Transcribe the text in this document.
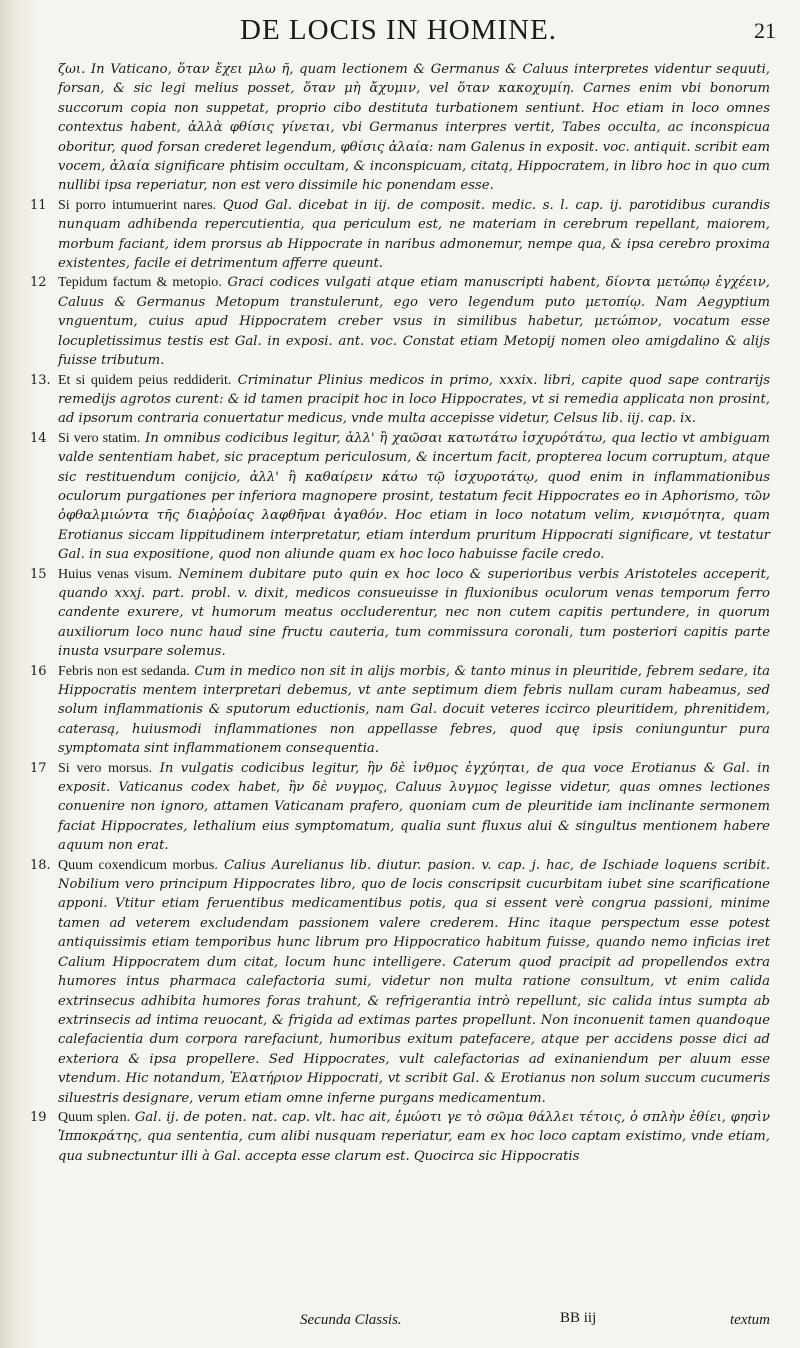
DE LOCIS IN HOMINE.	21

ζωι. In Vaticano, ὅταν ἔχει μλω ῆ, quam lectionem & Germanus & Caluus interpretes videntur sequuti, forsan, & sic legi melius posset, ὅταν μὴ ἄχυμιν, vel ὅταν κακοχυμίη. Carnes enim vbi bonorum succorum copia non suppetat, proprio cibo destituta turbationem sentiunt. Hoc etiam in loco omnes contextus habent, ἀλλὰ φθίσις γίνεται, vbi Germanus interpres vertit, Tabes occulta, ac inconspicua oboritur, quod forsan crederet legendum, φθίσις ἀλαία: nam Galenus in exposit. voc. antiquit. scribit eam vocem, ἀλαία significare phtisim occultam, & inconspicuam, citatą, Hippocratem, in libro hoc in quo cum nullibi ipsa reperiatur, non est vero dissimile hic ponendam esse.

11 Si porro intumuerint nares. Quod Gal. dicebat in iij. de composit. medic. s. l. cap. ij. parotidibus curandis nunquam adhibenda repercutientia, qua periculum est, ne materiam in cerebrum repellant, maiorem, morbum faciant, idem prorsus ab Hippocrate in naribus admonemur, nempe qua, & ipsa cerebro proxima existentes, facile ei detrimentum afferre queunt.

12 Tepidum factum & metopio. Graci codices vulgati atque etiam manuscripti habent, δίοντα μετώπῳ ἐγχέειν, Caluus & Germanus Metopum transtulerunt, ego vero legendum puto μετοπίῳ. Nam Aegyptium vnguentum, cuius apud Hippocratem creber vsus in similibus habetur, μετώπιον, vocatum esse locupletissimus testis est Gal. in exposi. ant. voc. Constat etiam Metopij nomen oleo amigdalino & alijs fuisse tributum.

13. Et si quidem peius reddiderit. Criminatur Plinius medicos in primo, xxxix. libri, capite quod sape contrarijs remedijs agrotos curent: & id tamen pracipit hoc in loco Hippocrates, vt si remedia applicata non prosint, ad ipsorum contraria conuertatur medicus, vnde multa accepisse videtur, Celsus lib. iij. cap. ix.

14 Si vero statim. In omnibus codicibus legitur, ἀλλ' ἢ χαῶσαι κατωτάτω ἰσχυρότάτω, qua lectio vt ambiguam valde sententiam habet, sic praceptum periculosum, & incertum facit, propterea locum corruptum, atque sic restituendum conijcio, ἀλλ' ἢ καθαίρειν κάτω τῷ ἰσχυροτάτῳ, quod enim in inflammationibus oculorum purgationes per inferiora magnopere prosint, testatum fecit Hippocrates eo in Aphorismo, τῶν ὀφθαλμιώντα τῆς διαῤῥοίας λαφθῆναι ἀγαθόν. Hoc etiam in loco notatum velim, κνισμότητα, quam Erotianus siccam lippitudinem interpretatur, etiam interdum pruritum Hippocrati significare, vt testatur Gal. in sua expositione, quod non aliunde quam ex hoc loco habuisse facile credo.

15 Huius venas visum. Neminem dubitare puto quin ex hoc loco & superioribus verbis Aristoteles acceperit, quando xxxj. part. probl. v. dixit, medicos consueuisse in fluxionibus oculorum venas temporum ferro candente exurere, vt humorum meatus occluderentur, nec non cutem capitis pertundere, in quorum auxiliorum loco nunc haud sine fructu cauteria, tum commissura coronali, tum posteriori capitis parte inusta vsurpare solemus.

16 Febris non est sedanda. Cum in medico non sit in alijs morbis, & tanto minus in pleuritide, febrem sedare, ita Hippocratis mentem interpretari debemus, vt ante septimum diem febris nullam curam habeamus, sed solum inflammationis & sputorum eductionis, nam Gal. docuit veteres iccirco pleuritidem, phrenitidem, caterasą, huiusmodi inflammationes non appellasse febres, quod quę ipsis coniunguntur pura symptomata sint inflammationem consequentia.

17 Si vero morsus. In vulgatis codicibus legitur, ἢν δὲ ἰνθμος ἐγχύηται, de qua voce Erotianus & Gal. in exposit. Vaticanus codex habet, ἢν δὲ νυγμος, Caluus λυγμος legisse videtur, quas omnes lectiones conuenire non ignoro, attamen Vaticanam prafero, quoniam cum de pleuritide iam inclinante sermonem faciat Hippocrates, lethalium eius symptomatum, qualia sunt fluxus alui & singultus mentionem habere aquum non erat.

18. Quum coxendicum morbus. Calius Aurelianus lib. diutur. pasion. v. cap. j. hac, de Ischiade loquens scribit. Nobilium vero principum Hippocrates libro, quo de locis conscripsit cucurbitam iubet sine scarificatione apponi. Vtitur etiam feruentibus medicamentibus potis, qua si essent verè congrua passioni, minime tamen ad veterem excludendam passionem valere crederem. Hinc itaque perspectum esse potest antiquissimis etiam temporibus hunc librum pro Hippocratico habitum fuisse, quando nemo inficias iret Calium Hippocratem dum citat, locum hunc intelligere. Caterum quod pracipit ad propellendos extra humores intus pharmaca calefactoria sumi, videtur non multa ratione consultum, vt enim calida extrinsecus adhibita humores foras trahunt, & refrigerantia intrò repellunt, sic calida intus sumpta ab extrinsecis ad intima reuocant, & frigida ad extimas partes propellunt. Non inconuenit tamen quandoque calefacientia dum corpora rarefaciunt, humoribus exitum patefacere, atque per accidens posse dici ad exteriora & ipsa propellere. Sed Hippocrates, vult calefactorias ad exinaniendum per aluum esse vtendum. Hic notandum, Ἐλατήριον Hippocrati, vt scribit Gal. & Erotianus non solum succum cucumeris siluestris designare, verum etiam omne inferne purgans medicamentum.

19 Quum splen. Gal. ij. de poten. nat. cap. vlt. hac ait, ἐμώοτι γε τὸ σῶμα θάλλει τέτοις, ὁ σπλὴν ἐθίει, φησὶν Ἱπποκράτης, qua sententia, cum alibi nusquam reperiatur, eam ex hoc loco captam existimo, vnde etiam, qua subnectuntur illi à Gal. accepta esse clarum est. Quocirca sic Hippocratis

Secunda Classis.	BB iij	textum
